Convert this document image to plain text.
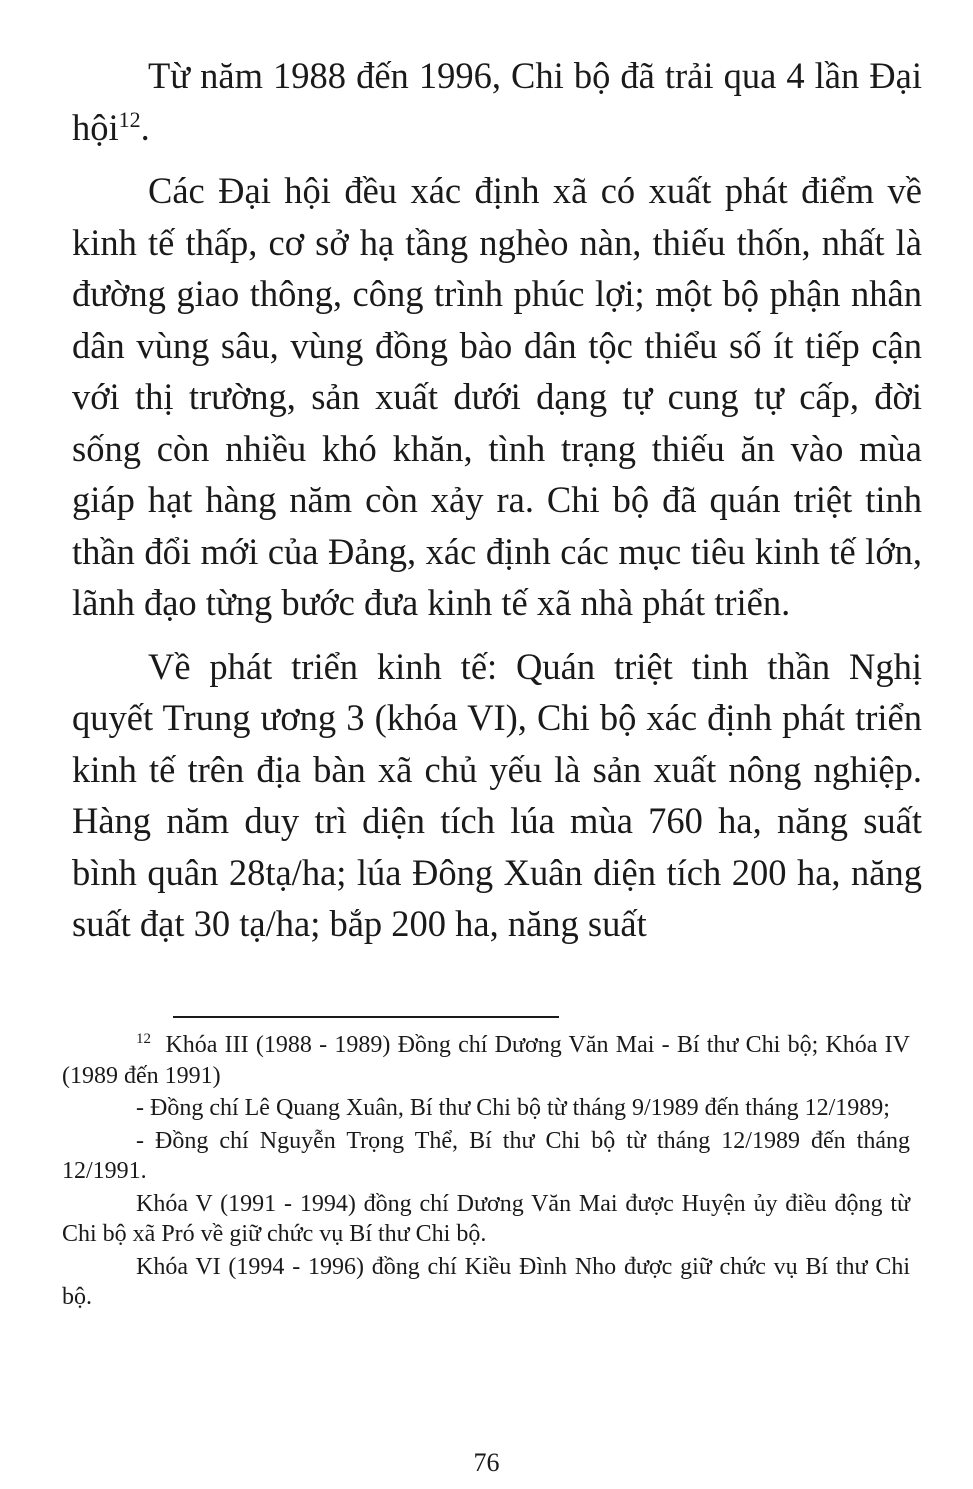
Từ năm 1988 đến 1996, Chi bộ đã trải qua 4 lần Đại hội$^{12}$.

Các Đại hội đều xác định xã có xuất phát điểm về kinh tế thấp, cơ sở hạ tầng nghèo nàn, thiếu thốn, nhất là đường giao thông, công trình phúc lợi; một bộ phận nhân dân vùng sâu, vùng đồng bào dân tộc thiểu số ít tiếp cận với thị trường, sản xuất dưới dạng tự cung tự cấp, đời sống còn nhiều khó khăn, tình trạng thiếu ăn vào mùa giáp hạt hàng năm còn xảy ra. Chi bộ đã quán triệt tinh thần đổi mới của Đảng, xác định các mục tiêu kinh tế lớn, lãnh đạo từng bước đưa kinh tế xã nhà phát triển.

Về phát triển kinh tế: Quán triệt tinh thần Nghị quyết Trung ương 3 (khóa VI), Chi bộ xác định phát triển kinh tế trên địa bàn xã chủ yếu là sản xuất nông nghiệp. Hàng năm duy trì diện tích lúa mùa 760 ha, năng suất bình quân 28tạ/ha; lúa Đông Xuân diện tích 200 ha, năng suất đạt 30 tạ/ha; bắp 200 ha, năng suất

$^{12}$ Khóa III (1988 - 1989) Đồng chí Dương Văn Mai - Bí thư Chi bộ; Khóa IV (1989 đến 1991)

- Đồng chí Lê Quang Xuân, Bí thư Chi bộ từ tháng 9/1989 đến tháng 12/1989;

- Đồng chí Nguyễn Trọng Thể, Bí thư Chi bộ từ tháng 12/1989 đến tháng 12/1991.

Khóa V (1991 - 1994) đồng chí Dương Văn Mai được Huyện ủy điều động từ Chi bộ xã Pró về giữ chức vụ Bí thư Chi bộ.

Khóa VI (1994 - 1996) đồng chí Kiều Đình Nho được giữ chức vụ Bí thư Chi bộ.

76
